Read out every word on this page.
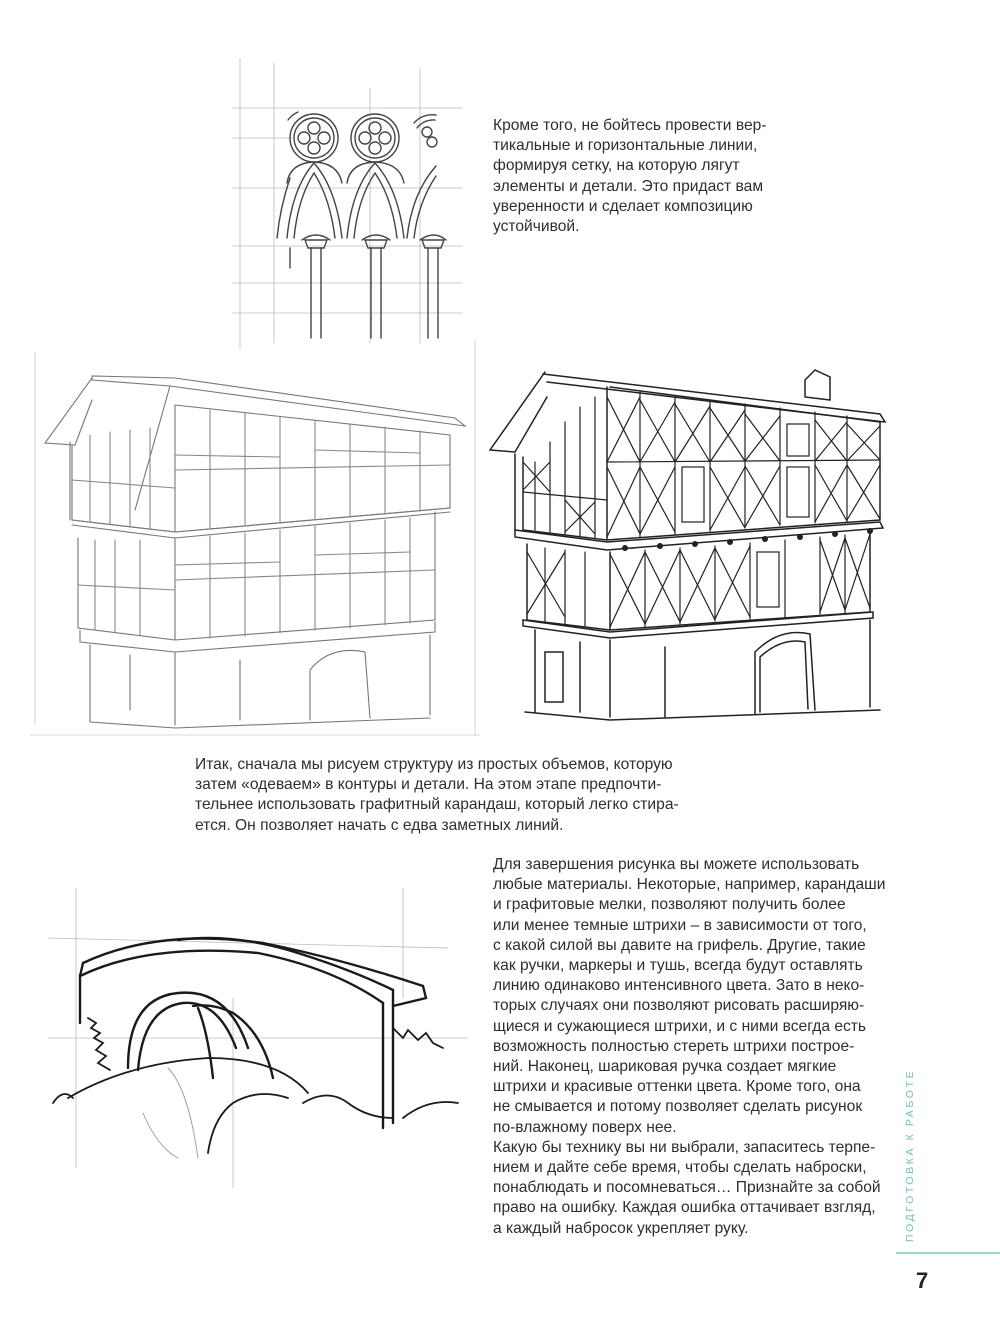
Кроме того, не бойтесь провести вер-
тикальные и горизонтальные линии,
формируя сетку, на которую лягут
элементы и детали. Это придаст вам
уверенности и сделает композицию
устойчивой.
Итак, сначала мы рисуем структуру из простых объемов, которую
затем «одеваем» в контуры и детали. На этом этапе предпочти-
тельнее использовать графитный карандаш, который легко стира-
ется. Он позволяет начать с едва заметных линий.
Для завершения рисунка вы можете использовать
любые материалы. Некоторые, например, карандаши
и графитовые мелки, позволяют получить более
или менее темные штрихи – в зависимости от того,
с какой силой вы давите на грифель. Другие, такие
как ручки, маркеры и тушь, всегда будут оставлять
линию одинаково интенсивного цвета. Зато в неко-
торых случаях они позволяют рисовать расширяю-
щиеся и сужающиеся штрихи, и с ними всегда есть
возможность полностью стереть штрихи построе-
ний. Наконец, шариковая ручка создает мягкие
штрихи и красивые оттенки цвета. Кроме того, она
не смывается и потому позволяет сделать рисунок
по-влажному поверх нее.
Какую бы технику вы ни выбрали, запаситесь терпе-
нием и дайте себе время, чтобы сделать наброски,
понаблюдать и посомневаться… Признайте за собой
право на ошибку. Каждая ошибка оттачивает взгляд,
а каждый набросок укрепляет руку.	ПОДГОТОВКА К РАБОТЕ
7
